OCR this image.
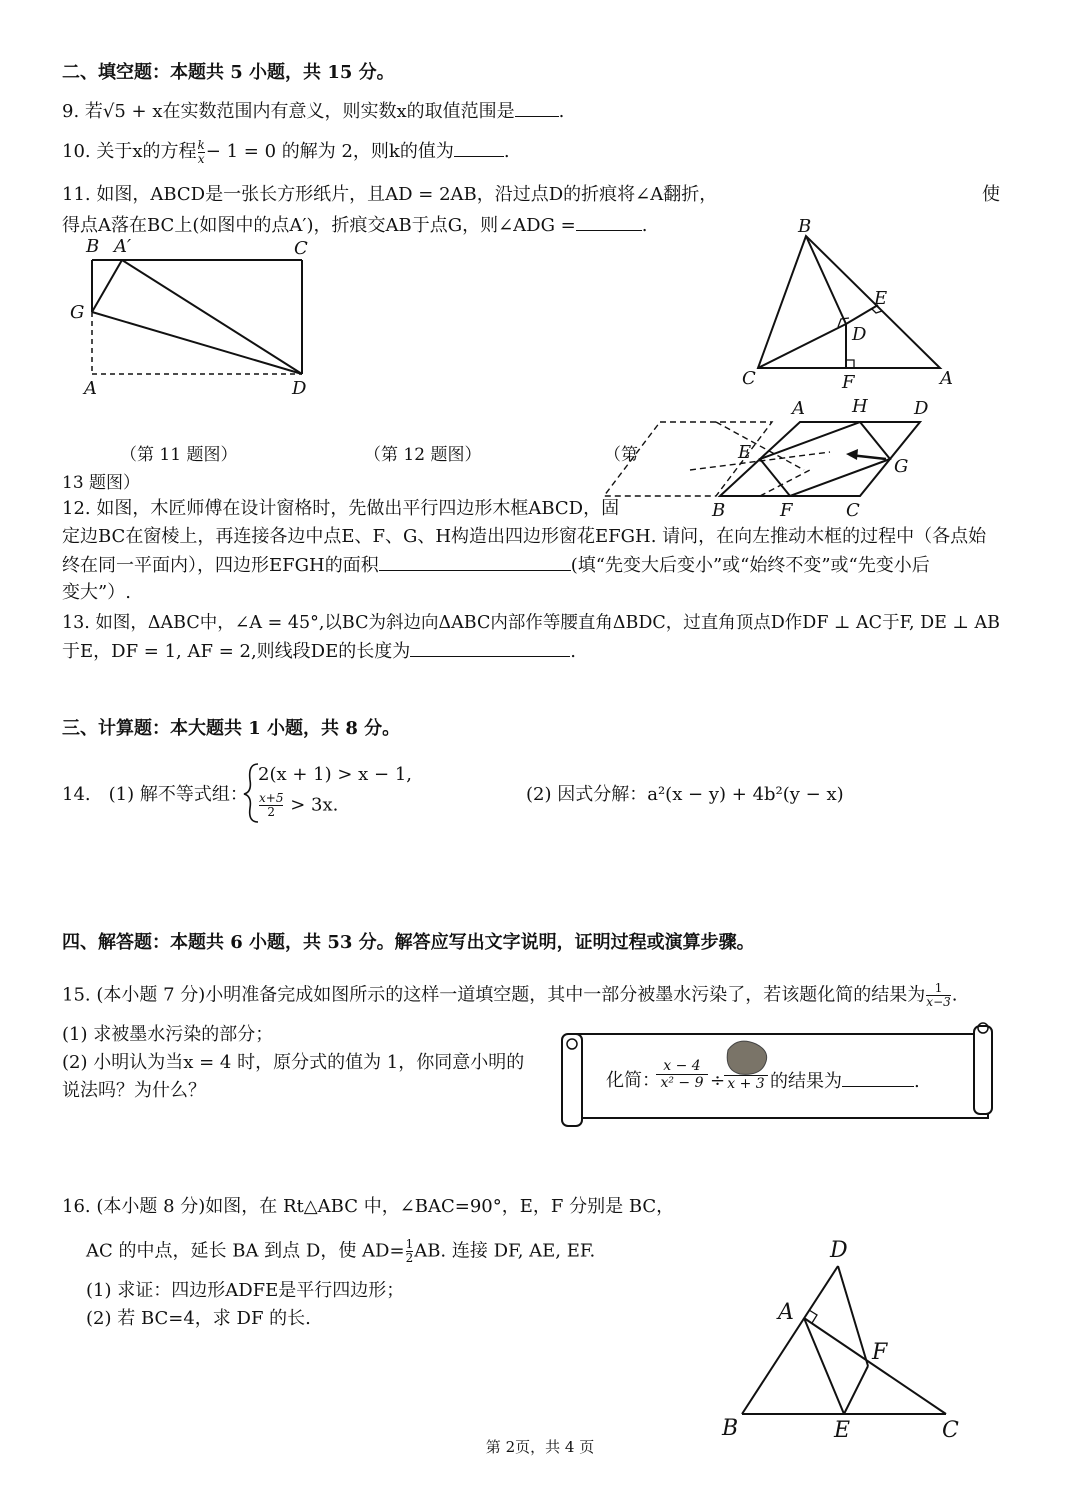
二、填空题：本题共 5 小题，共 15 分。
9. 若√5 + x在实数范围内有意义，则实数x的取值范围是 .
10. 关于x的方程 $\frac{k}{x} - 1 = 0$ 的解为 2，则k的值为	.
11. 如图，ABCD是一张长方形纸片，且AD = 2AB，沿过点D的折痕将∠A翻折，	使
得点A落在BC上(如图中的点A′)，折痕交AB于点G，则∠ADG =	.
B A′	C
G
A	D
B
E
D
C	F	A
A	H	D
E
G
B	F	C
（第 11 题图）	（第 12 题图）	（第
13 题图）
12. 如图，木匠师傅在设计窗格时，先做出平行四边形木框ABCD，固
定边BC在窗棱上，再连接各边中点E、F、G、H构造出四边形窗花EFGH. 请问，在向左推动木框的过程中（各点始
终在同一平面内），四边形EFGH的面积	(填“先变大后变小”或“始终不变”或“先变小后
变大”）.
13. 如图，ΔABC中，∠A = 45°,以BC为斜边向ΔABC内部作等腰直角ΔBDC，过直角顶点D作DF ⊥ AC于F, DE ⊥ AB
于E，DF = 1, AF = 2,则线段DE的长度为	.
三、计算题：本大题共 1 小题，共 8 分。
14.　(1) 解不等式组：
2(x + 1) > x − 1,
$\frac{x+5}{2} > 3x$.	(2) 因式分解：a²(x − y) + 4b²(y − x)
四、解答题：本题共 6 小题，共 53 分。解答应写出文字说明，证明过程或演算步骤。
15. (本小题 7 分)小明准备完成如图所示的这样一道填空题，其中一部分被墨水污染了，若该题化简的结果为 $\frac{1}{x-3}$ .
(1) 求被墨水污染的部分；
(2) 小明认为当x = 4 时，原分式的值为 1，你同意小明的
说法吗？为什么？	化简：
$\frac{x - 4}{\text{x² − 9}} \div x + 3$ 的结果为	.
16. (本小题 8 分)如图，在 Rt△ABC 中，∠BAC=90°，E，F 分别是 BC，
AC 的中点，延长 BA 到点 D，使 $AD= \frac{1}{2}$ AB. 连接 DF, AE, EF.
(1) 求证：四边形ADFE是平行四边形；
(2) 若 BC=4，求 DF 的长.
D
A
F
B	E	C
第 2页，共 4 页
